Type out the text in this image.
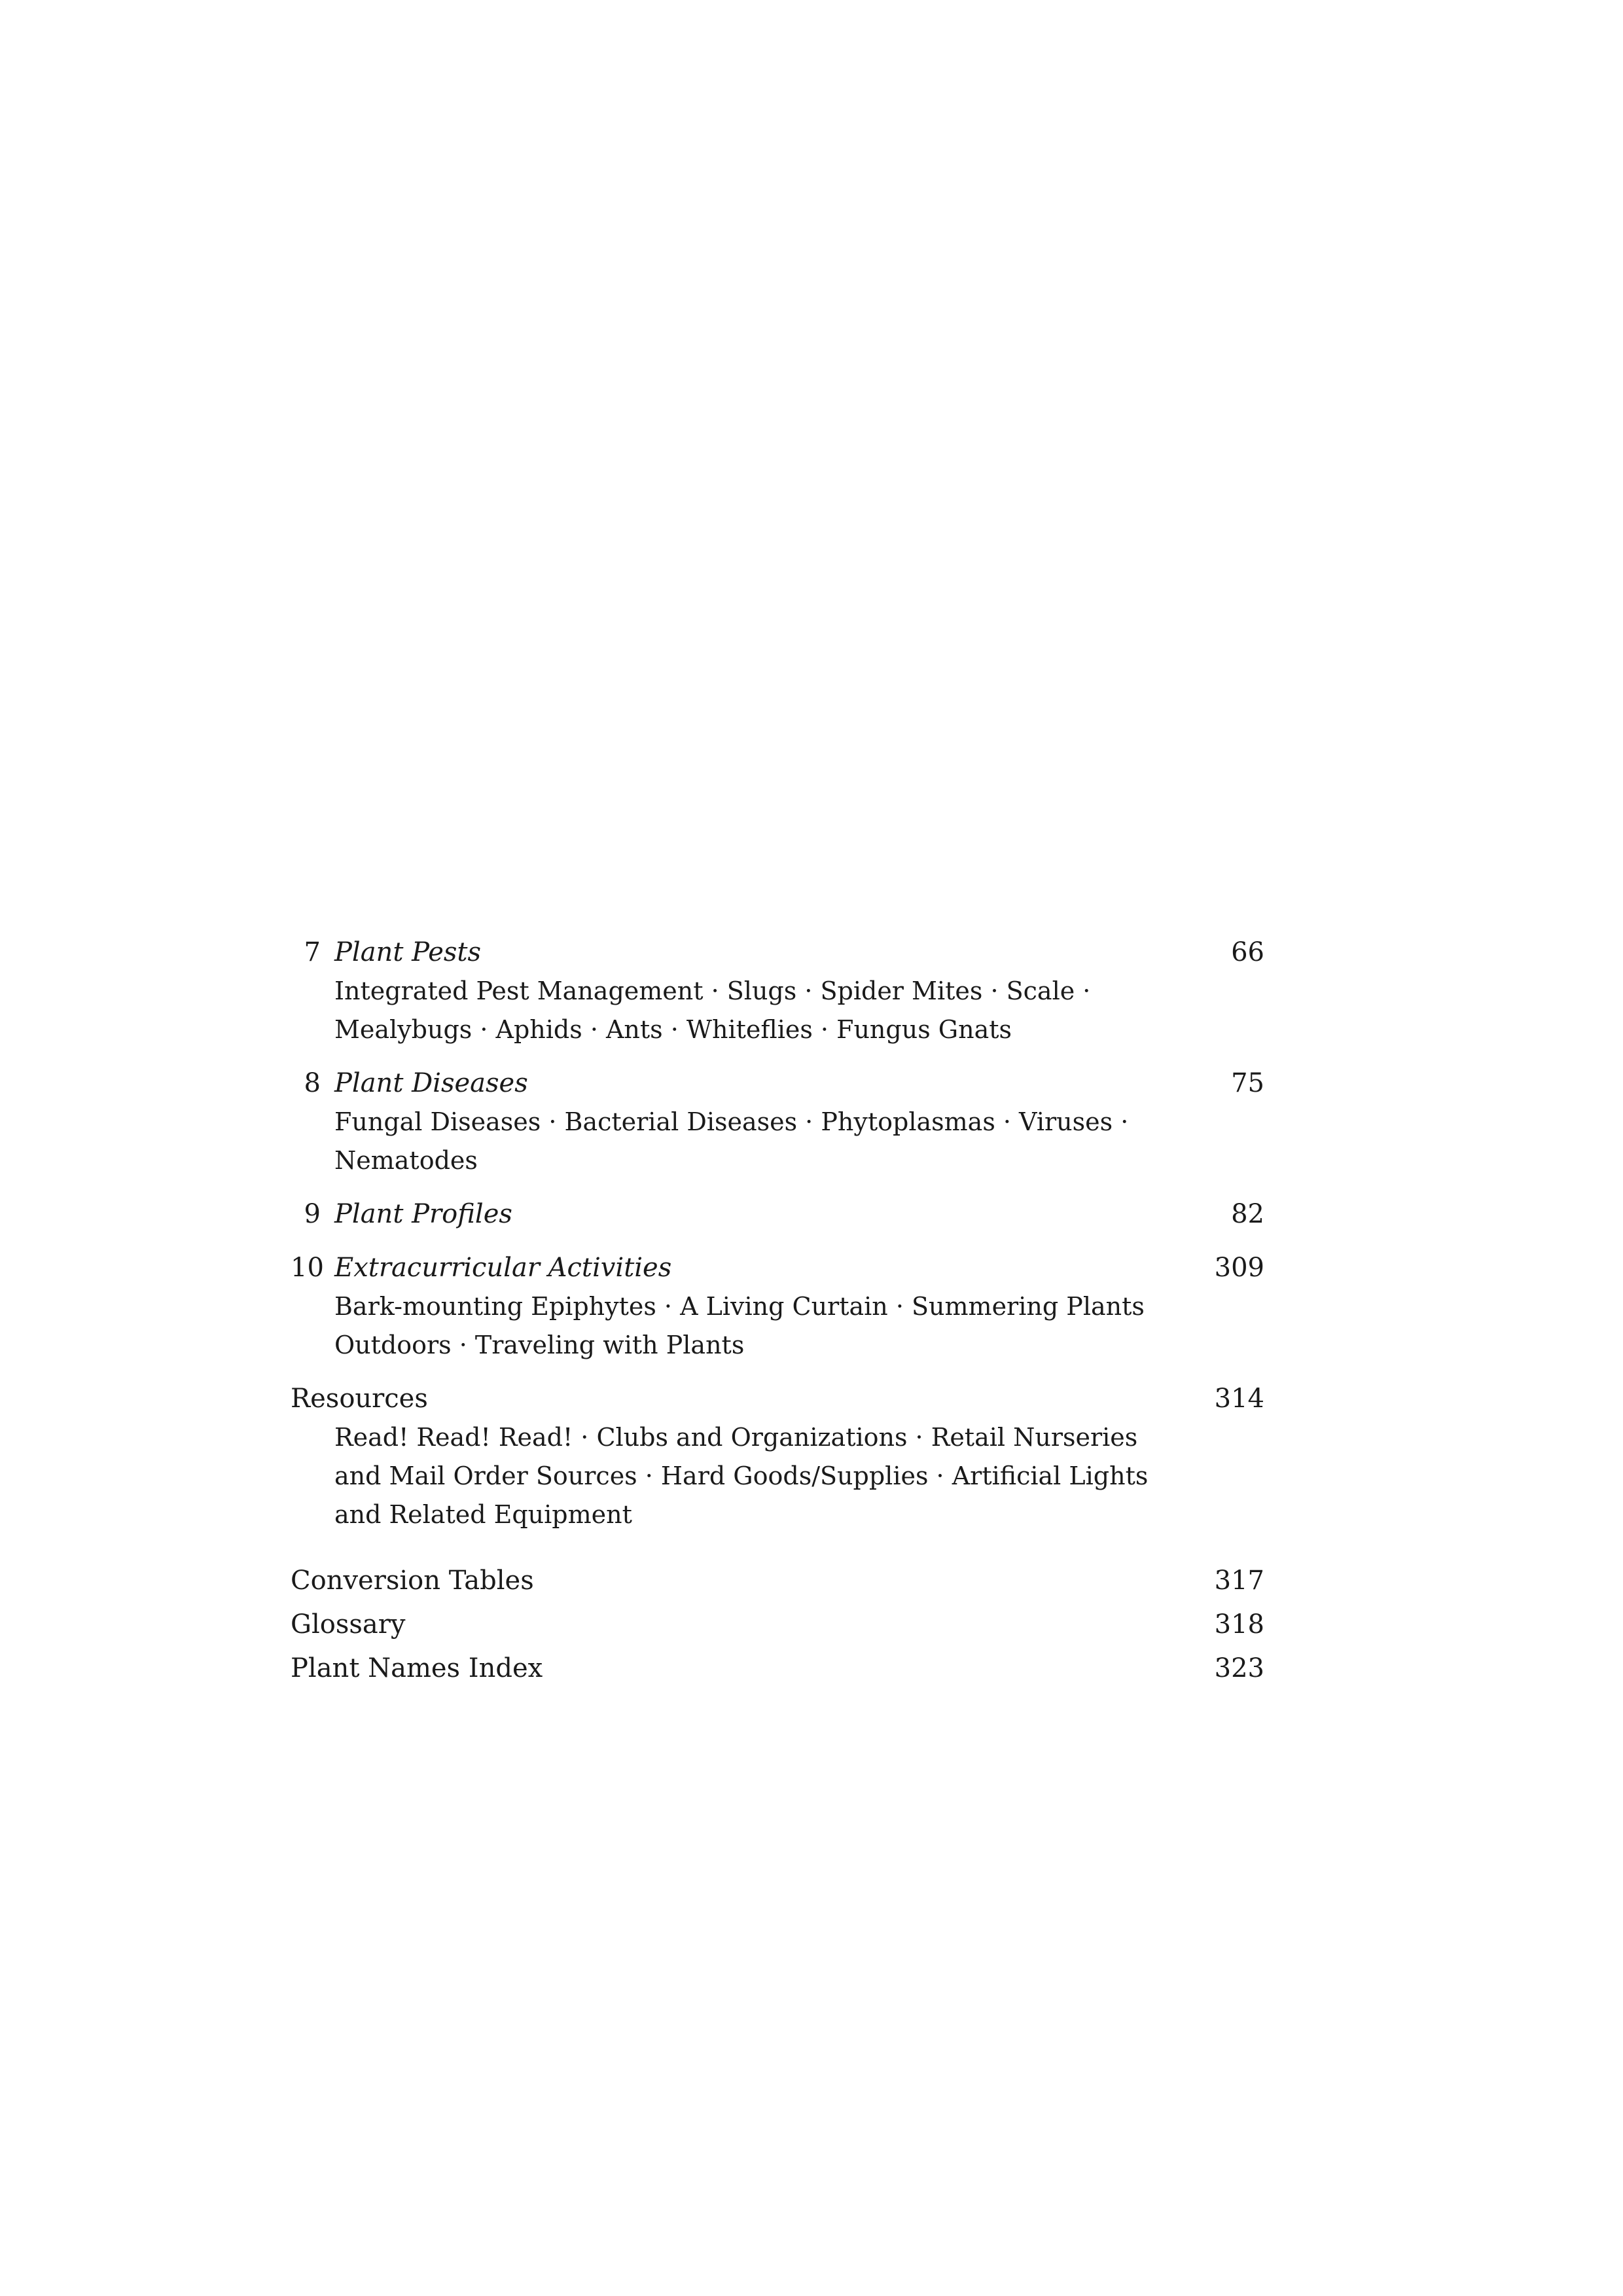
7 Plant Pests	66
Integrated Pest Management · Slugs · Spider Mites · Scale · Mealybugs · Aphids · Ants · Whiteflies · Fungus Gnats
8 Plant Diseases	75
Fungal Diseases · Bacterial Diseases · Phytoplasmas · Viruses · Nematodes
9 Plant Profiles	82
10 Extracurricular Activities	309
Bark-mounting Epiphytes · A Living Curtain · Summering Plants Outdoors · Traveling with Plants
Resources	314
Read! Read! Read! · Clubs and Organizations · Retail Nurseries and Mail Order Sources · Hard Goods/Supplies · Artificial Lights and Related Equipment
Conversion Tables	317
Glossary	318
Plant Names Index	323
